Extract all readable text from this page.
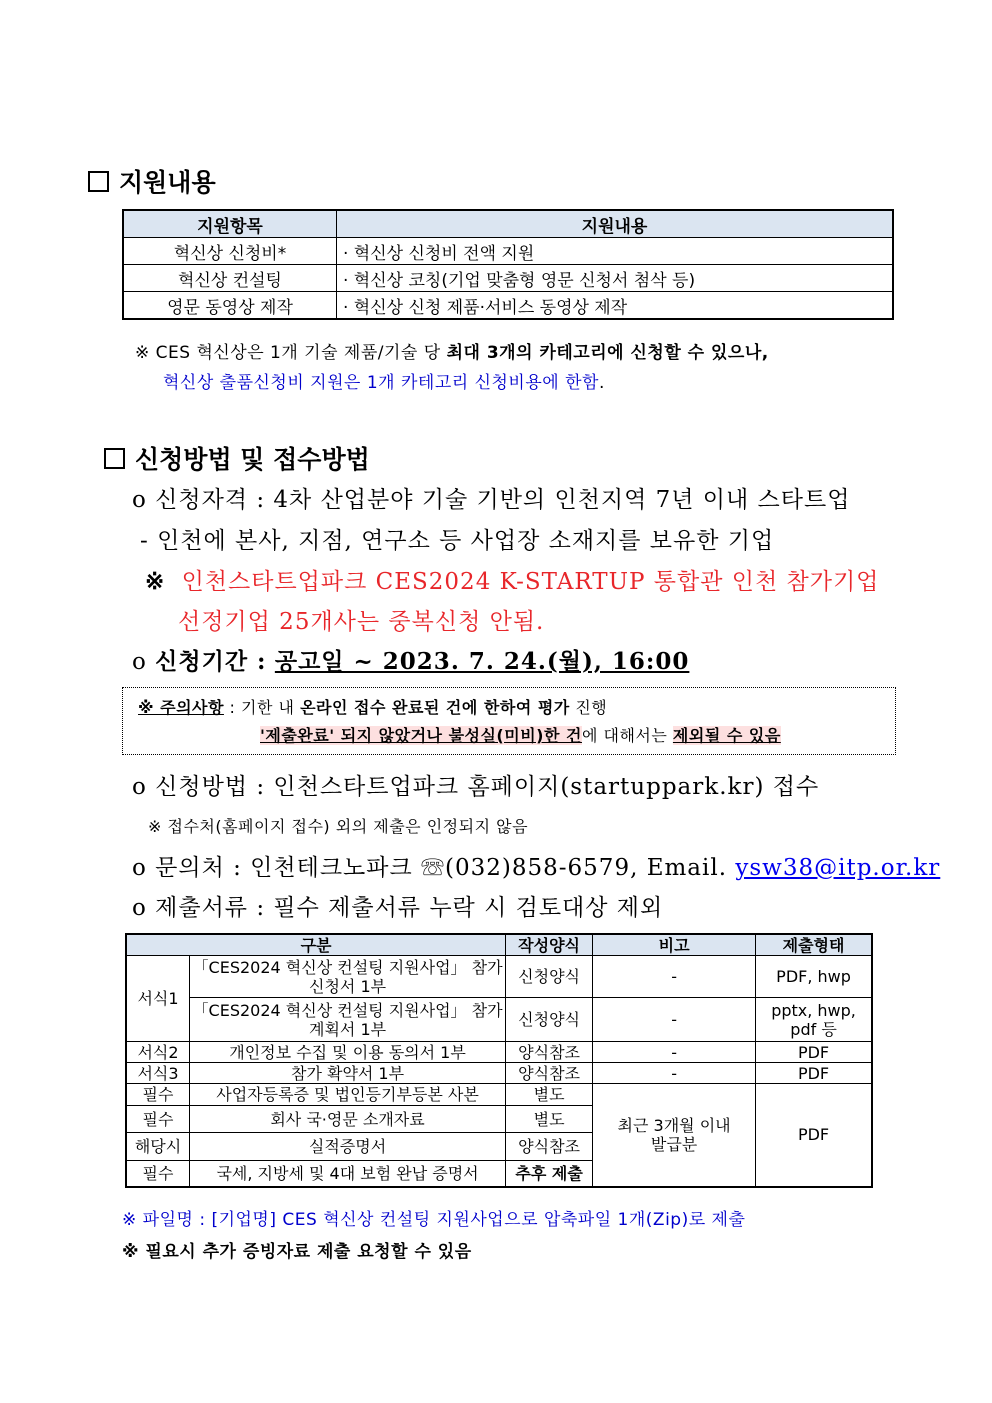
지원내용
지원항목	지원내용
혁신상 신청비*	· 혁신상 신청비 전액 지원
혁신상 컨설팅	· 혁신상 코칭(기업 맞춤형 영문 신청서 첨삭 등)
영문 동영상 제작	· 혁신상 신청 제품·서비스 동영상 제작
※ CES 혁신상은 1개 기술 제품/기술 당 최대 3개의 카테고리에 신청할 수 있으나,
혁신상 출품신청비 지원은 1개 카테고리 신청비용에 한함.
신청방법 및 접수방법
o 신청자격 : 4차 산업분야 기술 기반의 인천지역 7년 이내 스타트업
- 인천에 본사, 지점, 연구소 등 사업장 소재지를 보유한 기업
※ 인천스타트업파크 CES2024 K-STARTUP 통합관 인천 참가기업
선정기업 25개사는 중복신청 안됨.
o 신청기간 : 공고일 ~ 2023. 7. 24.(월), 16:00
※ 주의사항 : 기한 내 온라인 접수 완료된 건에 한하여 평가 진행
'제출완료' 되지 않았거나 불성실(미비)한 건에 대해서는 제외될 수 있음
o 신청방법 : 인천스타트업파크 홈페이지(startuppark.kr) 접수
※ 접수처(홈페이지 접수) 외의 제출은 인정되지 않음
o 문의처 : 인천테크노파크 ☏(032)858-6579, Email. ysw38@itp.or.kr
o 제출서류 : 필수 제출서류 누락 시 검토대상 제외
구분		작성양식	비고	제출형태
서식1	「CES2024 혁신상 컨설팅 지원사업」 참가 신청서 1부	신청양식	-	PDF, hwp
	「CES2024 혁신상 컨설팅 지원사업」 참가 계획서 1부	신청양식	-	pptx, hwp, pdf 등
서식2	개인정보 수집 및 이용 동의서 1부	양식참조	-	PDF
서식3	참가 확약서 1부	양식참조	-	PDF
필수	사업자등록증 및 법인등기부등본 사본	별도	최근 3개월 이내 발급분	PDF
필수	회사 국·영문 소개자료	별도		
해당시	실적증명서	양식참조		
필수	국세, 지방세 및 4대 보험 완납 증명서	추후 제출		
※ 파일명 : [기업명] CES 혁신상 컨설팅 지원사업으로 압축파일 1개(Zip)로 제출
※ 필요시 추가 증빙자료 제출 요청할 수 있음
